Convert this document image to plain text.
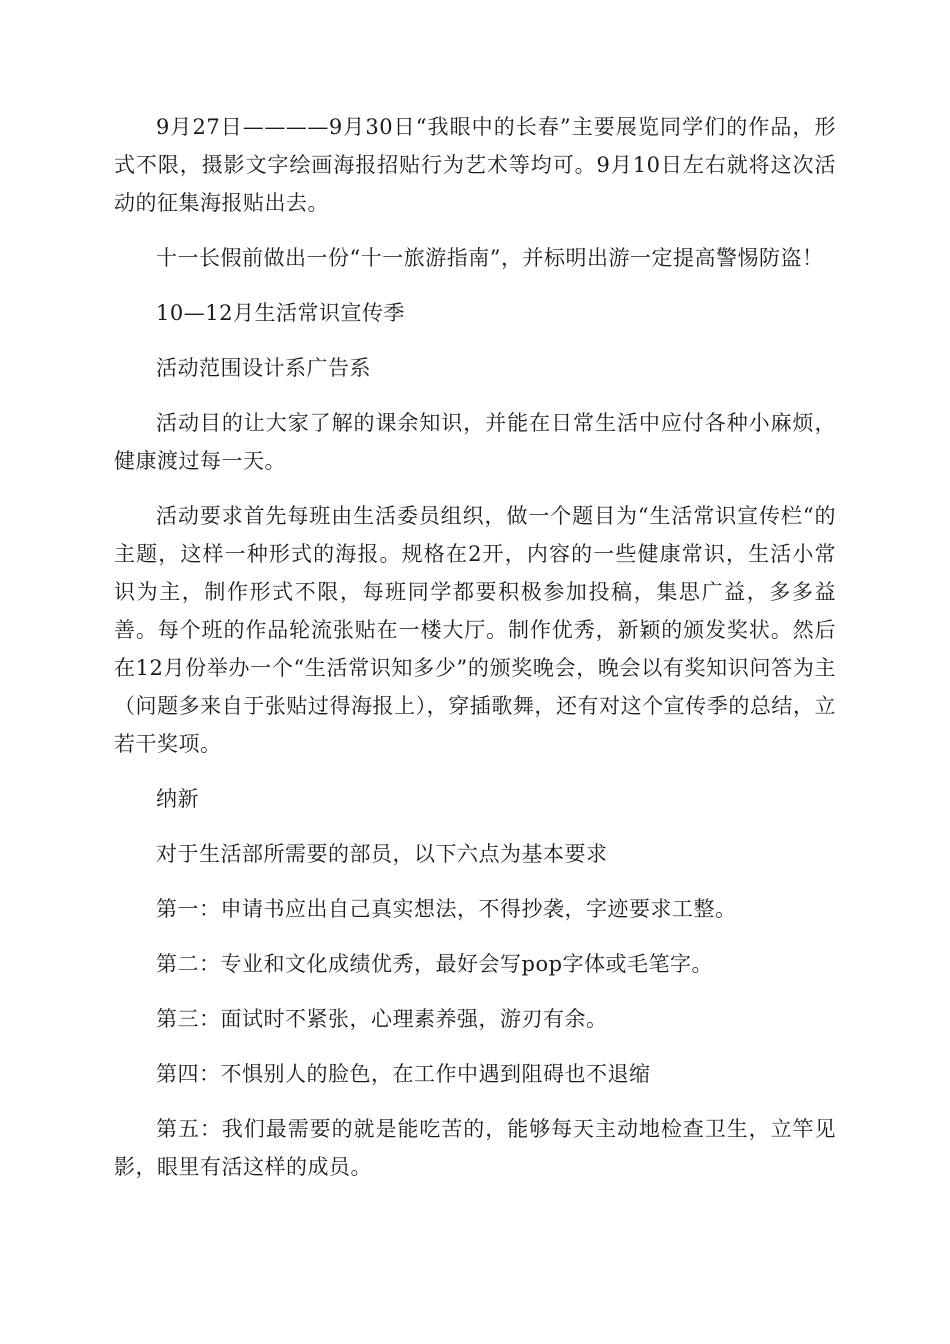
9月27日————9月30日“我眼中的长春”主要展览同学们的作品，形式不限，摄影文字绘画海报招贴行为艺术等均可。9月10日左右就将这次活动的征集海报贴出去。

十一长假前做出一份“十一旅游指南”，并标明出游一定提高警惕防盗！

10—12月生活常识宣传季

活动范围设计系广告系

活动目的让大家了解的课余知识，并能在日常生活中应付各种小麻烦，健康渡过每一天。

活动要求首先每班由生活委员组织，做一个题目为“生活常识宣传栏“的主题，这样一种形式的海报。规格在2开，内容的一些健康常识，生活小常识为主，制作形式不限，每班同学都要积极参加投稿，集思广益，多多益善。每个班的作品轮流张贴在一楼大厅。制作优秀，新颖的颁发奖状。然后在12月份举办一个“生活常识知多少”的颁奖晚会，晚会以有奖知识问答为主（问题多来自于张贴过得海报上），穿插歌舞，还有对这个宣传季的总结，立若干奖项。

纳新

对于生活部所需要的部员，以下六点为基本要求

第一：申请书应出自己真实想法，不得抄袭，字迹要求工整。

第二：专业和文化成绩优秀，最好会写pop字体或毛笔字。

第三：面试时不紧张，心理素养强，游刃有余。

第四：不惧别人的脸色，在工作中遇到阻碍也不退缩

第五：我们最需要的就是能吃苦的，能够每天主动地检查卫生，立竿见影，眼里有活这样的成员。
